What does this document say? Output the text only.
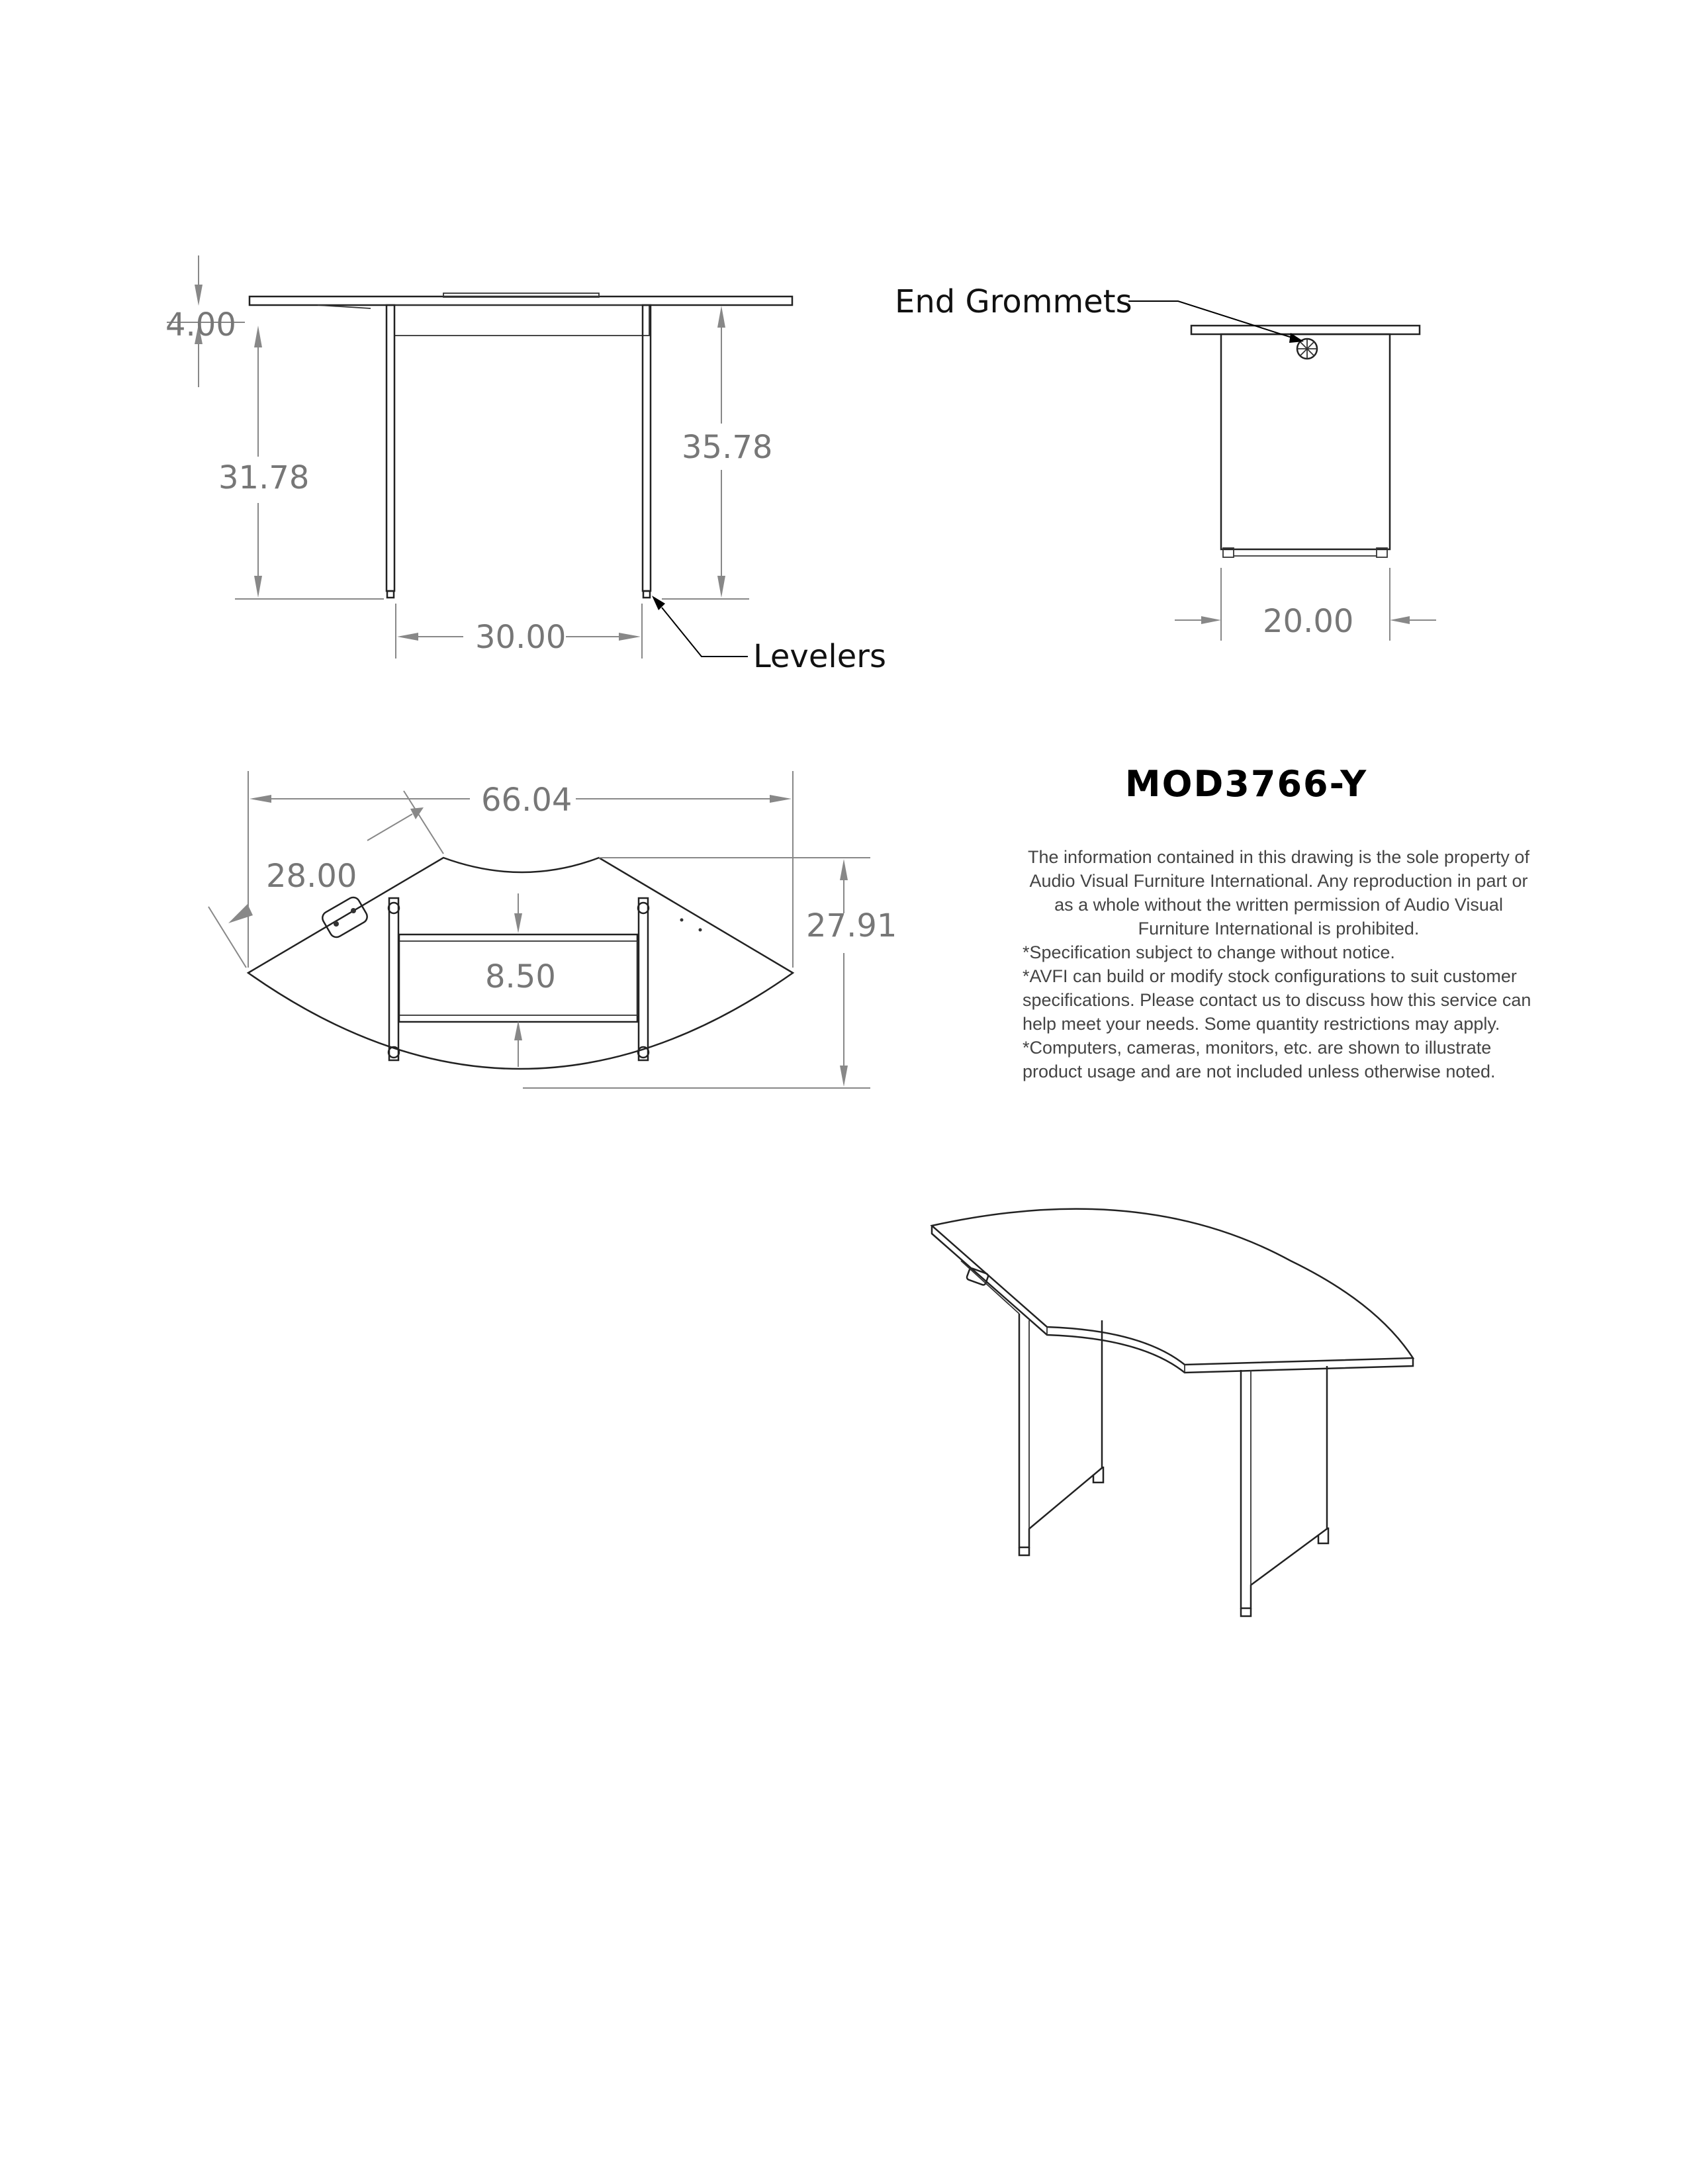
4.00
31.78
35.78
30.00
Levelers
End Grommets
20.00
66.04
28.00
27.91
8.50
MOD3766-Y
The information contained in this drawing is the sole property of
Audio Visual Furniture International. Any reproduction in part or
as a whole without the written permission of Audio Visual
Furniture International is prohibited.
*Specification subject to change without notice.
*AVFI can build or modify stock configurations to suit customer
specifications. Please contact us to discuss how this service can
help meet your needs. Some quantity restrictions may apply.
*Computers, cameras, monitors, etc. are shown to illustrate
product usage and are not included unless otherwise noted.
